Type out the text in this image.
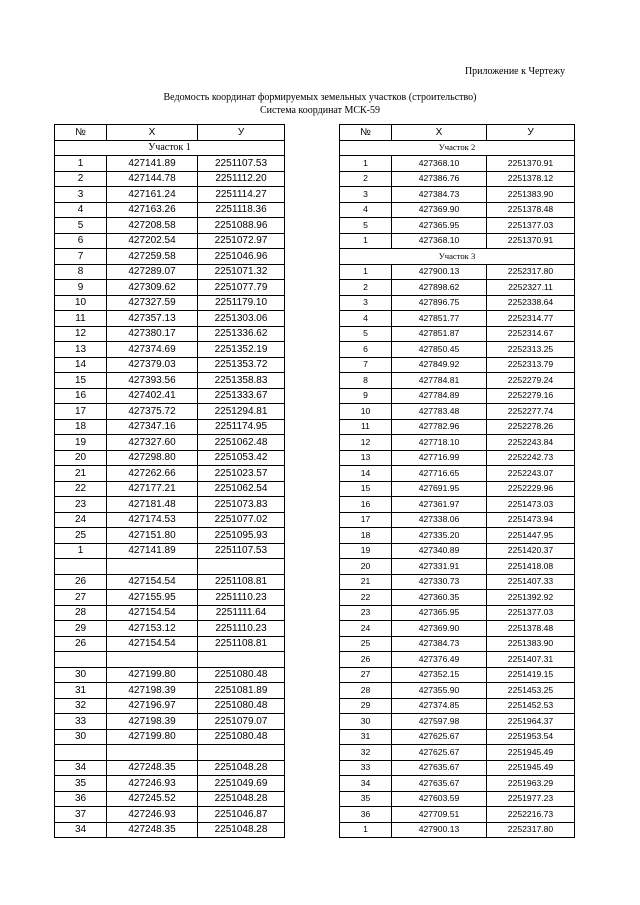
Приложение к Чертежу
Ведомость координат формируемых земельных участков (строительство)
Система координат МСК-59
№	Х	У
Участок 1		
1	427141.89	2251107.53
2	427144.78	2251112.20
3	427161.24	2251114.27
4	427163.26	2251118.36
5	427208.58	2251088.96
6	427202.54	2251072.97
7	427259.58	2251046.96
8	427289.07	2251071.32
9	427309.62	2251077.79
10	427327.59	2251179.10
11	427357.13	2251303.06
12	427380.17	2251336.62
13	427374.69	2251352.19
14	427379.03	2251353.72
15	427393.56	2251358.83
16	427402.41	2251333.67
17	427375.72	2251294.81
18	427347.16	2251174.95
19	427327.60	2251062.48
20	427298.80	2251053.42
21	427262.66	2251023.57
22	427177.21	2251062.54
23	427181.48	2251073.83
24	427174.53	2251077.02
25	427151.80	2251095.93
1	427141.89	2251107.53

26	427154.54	2251108.81
27	427155.95	2251110.23
28	427154.54	2251111.64
29	427153.12	2251110.23
26	427154.54	2251108.81

30	427199.80	2251080.48
31	427198.39	2251081.89
32	427196.97	2251080.48
33	427198.39	2251079.07
30	427199.80	2251080.48

34	427248.35	2251048.28
35	427246.93	2251049.69
36	427245.52	2251048.28
37	427246.93	2251046.87
34	427248.35	2251048.28
№	Х	У
Участок 2		
1	427368.10	2251370.91
2	427386.76	2251378.12
3	427384.73	2251383.90
4	427369.90	2251378.48
5	427365.95	2251377.03
1	427368.10	2251370.91
Участок 3		
1	427900.13	2252317.80
2	427898.62	2252327.11
3	427896.75	2252338.64
4	427851.77	2252314.77
5	427851.87	2252314.67
6	427850.45	2252313.25
7	427849.92	2252313.79
8	427784.81	2252279.24
9	427784.89	2252279.16
10	427783.48	2252277.74
11	427782.96	2252278.26
12	427718.10	2252243.84
13	427716.99	2252242.73
14	427716.65	2252243.07
15	427691.95	2252229.96
16	427361.97	2251473.03
17	427338.06	2251473.94
18	427335.20	2251447.95
19	427340.89	2251420.37
20	427331.91	2251418.08
21	427330.73	2251407.33
22	427360.35	2251392.92
23	427365.95	2251377.03
24	427369.90	2251378.48
25	427384.73	2251383.90
26	427376.49	2251407.31
27	427352.15	2251419.15
28	427355.90	2251453.25
29	427374.85	2251452.53
30	427597.98	2251964.37
31	427625.67	2251953.54
32	427625.67	2251945.49
33	427635.67	2251945.49
34	427635.67	2251963.29
35	427603.59	2251977.23
36	427709.51	2252216.73
1	427900.13	2252317.80
